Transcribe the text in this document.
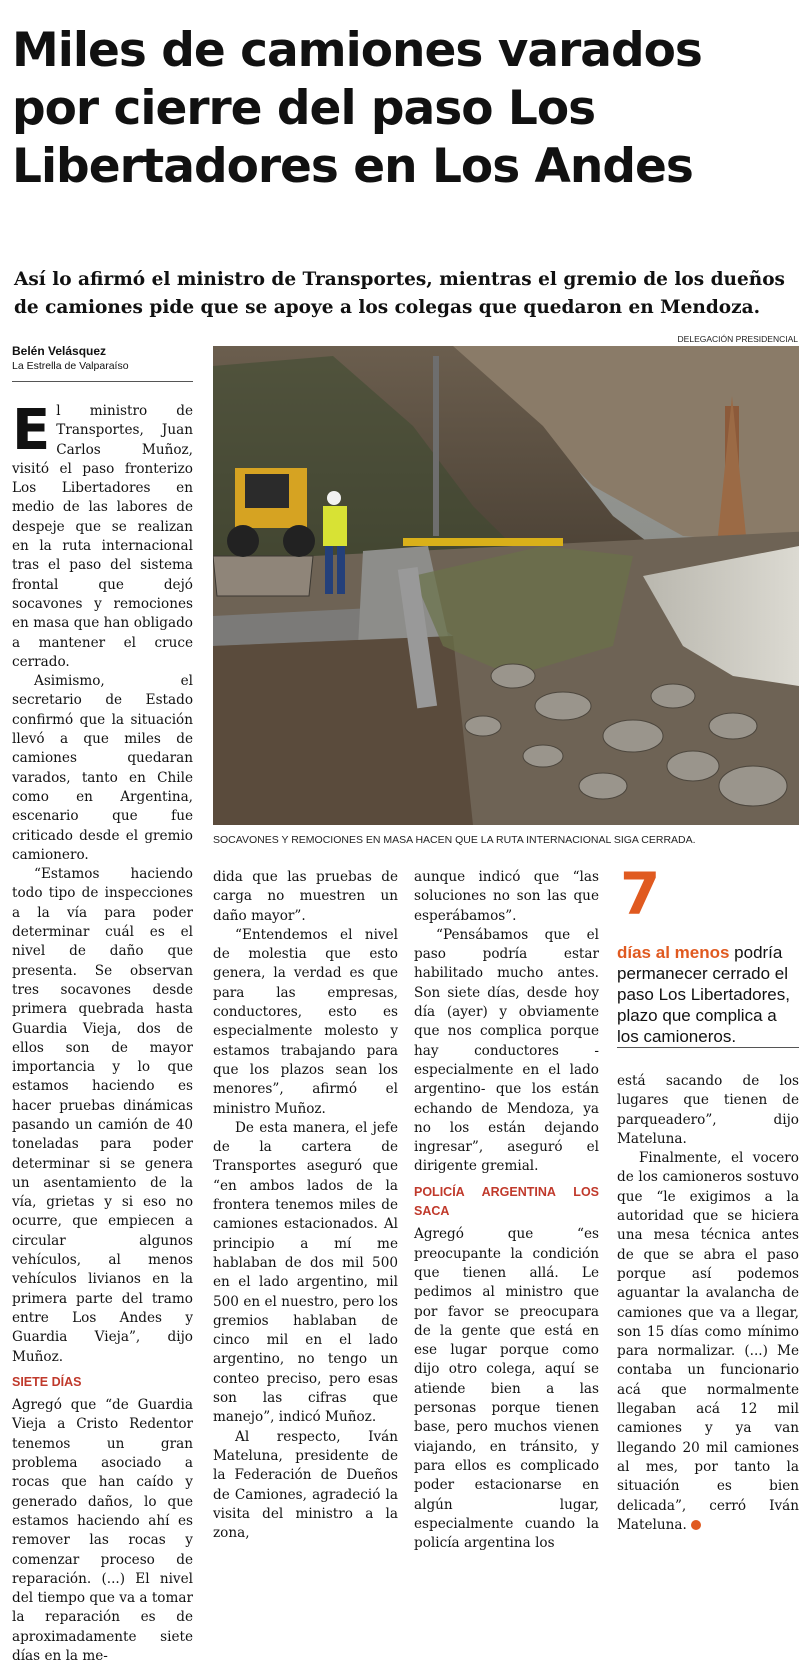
Miles de camiones varados
por cierre del paso Los
Libertadores en Los Andes

Así lo afirmó el ministro de Transportes, mientras el gremio de los dueños
de camiones pide que se apoye a los colegas que quedaron en Mendoza.

Belén Velásquez
La Estrella de Valparaíso
DELEGACIÓN PRESIDENCIAL
SOCAVONES Y REMOCIONES EN MASA HACEN QUE LA RUTA INTERNACIONAL SIGA CERRADA.

El ministro de Transportes, Juan Carlos Muñoz, visitó el paso fronterizo Los Libertadores en medio de las labores de despeje que se realizan en la ruta internacional tras el paso del sistema frontal que dejó socavones y remociones en masa que han obligado a mantener el cruce cerrado.

Asimismo, el secretario de Estado confirmó que la situación llevó a que miles de camiones quedaran varados, tanto en Chile como en Argentina, escenario que fue criticado desde el gremio camionero.

“Estamos haciendo todo tipo de inspecciones a la vía para poder determinar cuál es el nivel de daño que presenta. Se observan tres socavones desde primera quebrada hasta Guardia Vieja, dos de ellos son de mayor importancia y lo que estamos haciendo es hacer pruebas dinámicas pasando un camión de 40 toneladas para poder determinar si se genera un asentamiento de la vía, grietas y si eso no ocurre, que empiecen a circular algunos vehículos, al menos vehículos livianos en la primera parte del tramo entre Los Andes y Guardia Vieja”, dijo Muñoz.

SIETE DÍAS

Agregó que “de Guardia Vieja a Cristo Redentor tenemos un gran problema asociado a rocas que han caído y generado daños, lo que estamos haciendo ahí es remover las rocas y comenzar proceso de reparación. (...) El nivel del tiempo que va a tomar la reparación es de aproximadamente siete días en la me-

dida que las pruebas de carga no muestren un daño mayor”.

“Entendemos el nivel de molestia que esto genera, la verdad es que para las empresas, conductores, esto es especialmente molesto y estamos trabajando para que los plazos sean los menores”, afirmó el ministro Muñoz.

De esta manera, el jefe de la cartera de Transportes aseguró que “en ambos lados de la frontera tenemos miles de camiones estacionados. Al principio a mí me hablaban de dos mil 500 en el lado argentino, mil 500 en el nuestro, pero los gremios hablaban de cinco mil en el lado argentino, no tengo un conteo preciso, pero esas son las cifras que manejo”, indicó Muñoz.

Al respecto, Iván Mateluna, presidente de la Federación de Dueños de Camiones, agradeció la visita del ministro a la zona,

aunque indicó que “las soluciones no son las que esperábamos”.

“Pensábamos que el paso podría estar habilitado mucho antes. Son siete días, desde hoy día (ayer) y obviamente que nos complica porque hay conductores -especialmente en el lado argentino- que los están echando de Mendoza, ya no los están dejando ingresar”, aseguró el dirigente gremial.

POLICÍA ARGENTINA LOS SACA

Agregó que “es preocupante la condición que tienen allá. Le pedimos al ministro que por favor se preocupara de la gente que está en ese lugar porque como dijo otro colega, aquí se atiende bien a las personas porque tienen base, pero muchos vienen viajando, en tránsito, y para ellos es complicado poder estacionarse en algún lugar, especialmente cuando la policía argentina los

7
días al menos podría permanecer cerrado el paso Los Libertadores, plazo que complica a los camioneros.

está sacando de los lugares que tienen de parqueadero”, dijo Mateluna.

Finalmente, el vocero de los camioneros sostuvo que “le exigimos a la autoridad que se hiciera una mesa técnica antes de que se abra el paso porque así podemos aguantar la avalancha de camiones que va a llegar, son 15 días como mínimo para normalizar. (...) Me contaba un funcionario acá que normalmente llegaban acá 12 mil camiones y ya van llegando 20 mil camiones al mes, por tanto la situación es bien delicada”, cerró Iván Mateluna.
